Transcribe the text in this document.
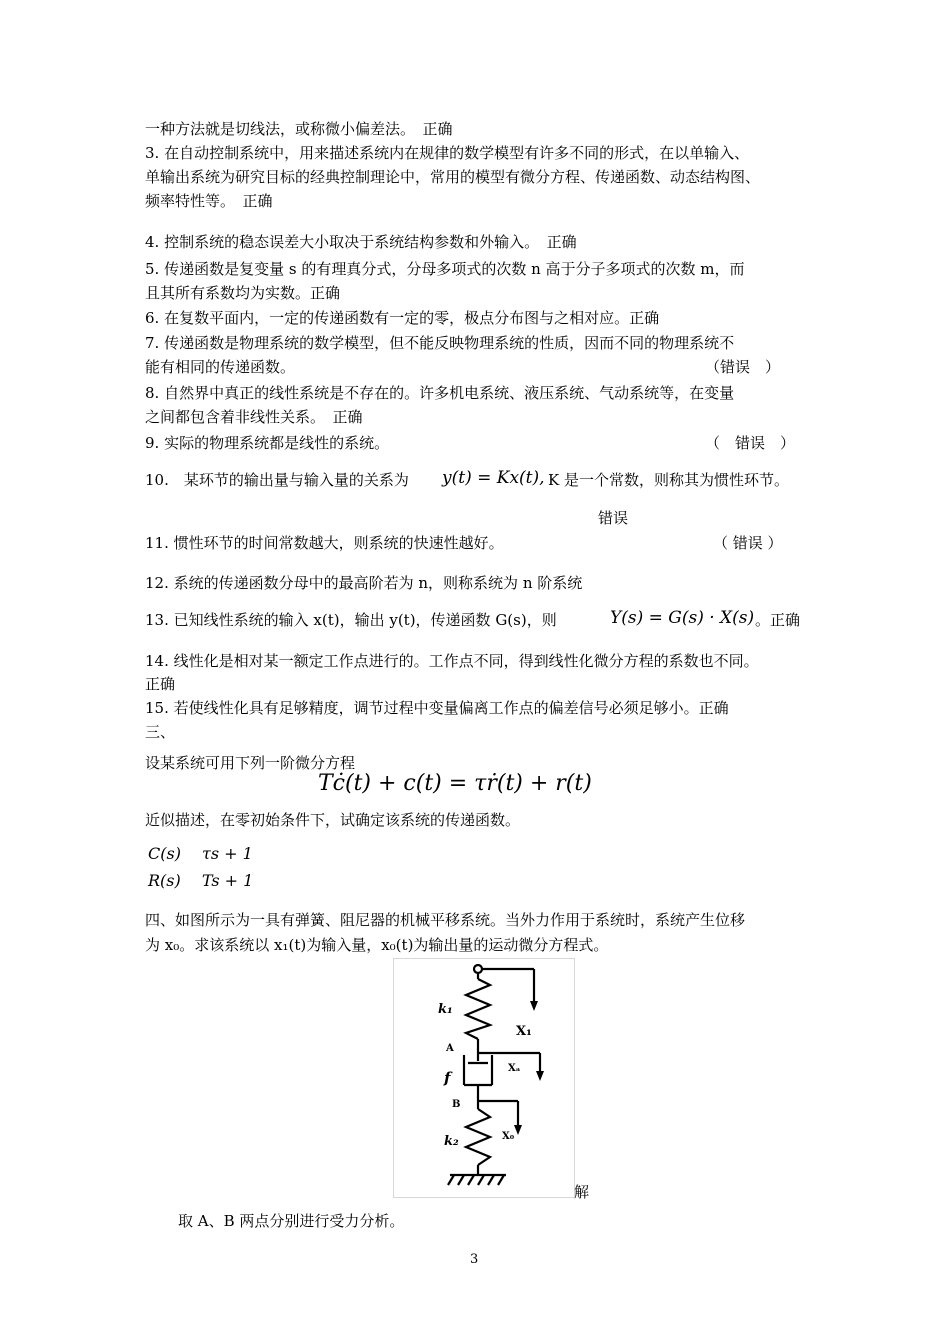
一种方法就是切线法，或称微小偏差法。　正确
3. 在自动控制系统中，用来描述系统内在规律的数学模型有许多不同的形式，在以单输入、
单输出系统为研究目标的经典控制理论中，常用的模型有微分方程、传递函数、动态结构图、
频率特性等。　正确
4. 控制系统的稳态误差大小取决于系统结构参数和外输入。　正确
5. 传递函数是复变量 s 的有理真分式，分母多项式的次数 n 高于分子多项式的次数 m，而
且其所有系数均为实数。正确
6. 在复数平面内，一定的传递函数有一定的零，极点分布图与之相对应。正确
7. 传递函数是物理系统的数学模型，但不能反映物理系统的性质，因而不同的物理系统不
能有相同的传递函数。	（错误　）
8. 自然界中真正的线性系统是不存在的。许多机电系统、液压系统、气动系统等，在变量
之间都包含着非线性关系。　正确
9. 实际的物理系统都是线性的系统。	（　错误　）
10.　某环节的输出量与输入量的关系为 y(t) = Kx(t), K 是一个常数，则称其为惯性环节。
错误
11. 惯性环节的时间常数越大，则系统的快速性越好。	（ 错误 ）
12. 系统的传递函数分母中的最高阶若为 n，则称系统为 n 阶系统
13. 已知线性系统的输入 x(t)，输出 y(t)，传递函数 G(s)，则	Y(s) = G(s) · X(s) 。正确
14. 线性化是相对某一额定工作点进行的。工作点不同，得到线性化微分方程的系数也不同。
正确
15. 若使线性化具有足够精度，调节过程中变量偏离工作点的偏差信号必须足够小。正确
三、
设某系统可用下列一阶微分方程
Tċ(t) + c(t) = τṙ(t) + r(t)
近似描述，在零初始条件下，试确定该系统的传递函数。
C(s)　 τs + 1
R(s)　 Ts + 1
四、如图所示为一具有弹簧、阻尼器的机械平移系统。当外力作用于系统时，系统产生位移
为 x₀。求该系统以 x₁(t)为输入量，x₀(t)为输出量的运动微分方程式。
k₁
X₁
A
f
Xₐ
B
k₂	X₀
解
取 A、B 两点分别进行受力分析。
3
